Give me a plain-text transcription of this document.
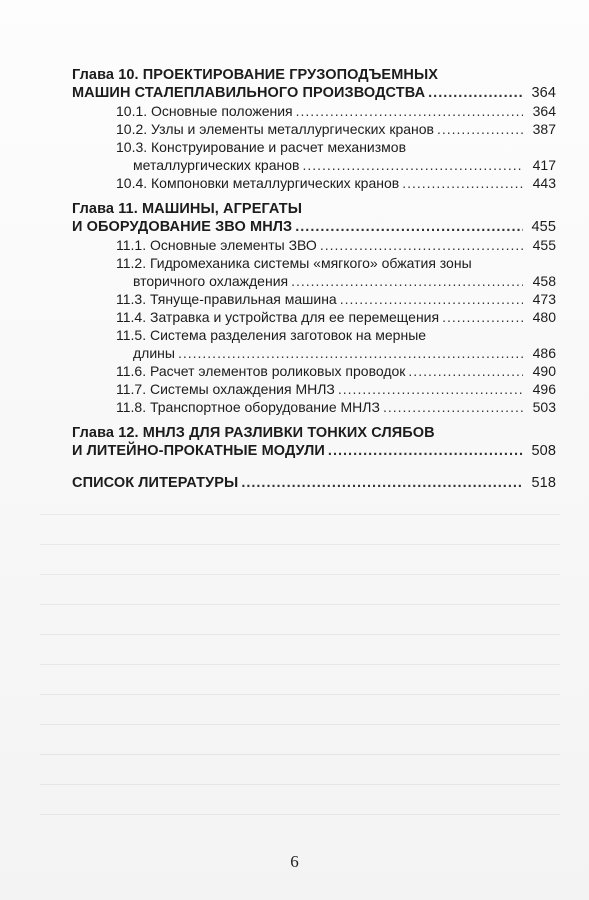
Глава 10. ПРОЕКТИРОВАНИЕ ГРУЗОПОДЪЕМНЫХ
МАШИН СТАЛЕПЛАВИЛЬНОГО ПРОИЗВОДСТВА .....	364
10.1. Основные положения .....	364
10.2. Узлы и элементы металлургических кранов .....	387
10.3. Конструирование и расчет механизмов
металлургических кранов .....	417
10.4. Компоновки металлургических кранов .....	443
Глава 11. МАШИНЫ, АГРЕГАТЫ
И ОБОРУДОВАНИЕ ЗВО МНЛЗ .....	455
11.1. Основные элементы ЗВО .....	455
11.2. Гидромеханика системы «мягкого» обжатия зоны
вторичного охлаждения .....	458
11.3. Тянуще-правильная машина .....	473
11.4. Затравка и устройства для ее перемещения .....	480
11.5. Система разделения заготовок на мерные
длины .....	486
11.6. Расчет элементов роликовых проводок .....	490
11.7. Системы охлаждения МНЛЗ .....	496
11.8. Транспортное оборудование МНЛЗ .....	503
Глава 12. МНЛЗ ДЛЯ РАЗЛИВКИ ТОНКИХ СЛЯБОВ
И ЛИТЕЙНО-ПРОКАТНЫЕ МОДУЛИ .....	508
СПИСОК ЛИТЕРАТУРЫ .....	518
6
